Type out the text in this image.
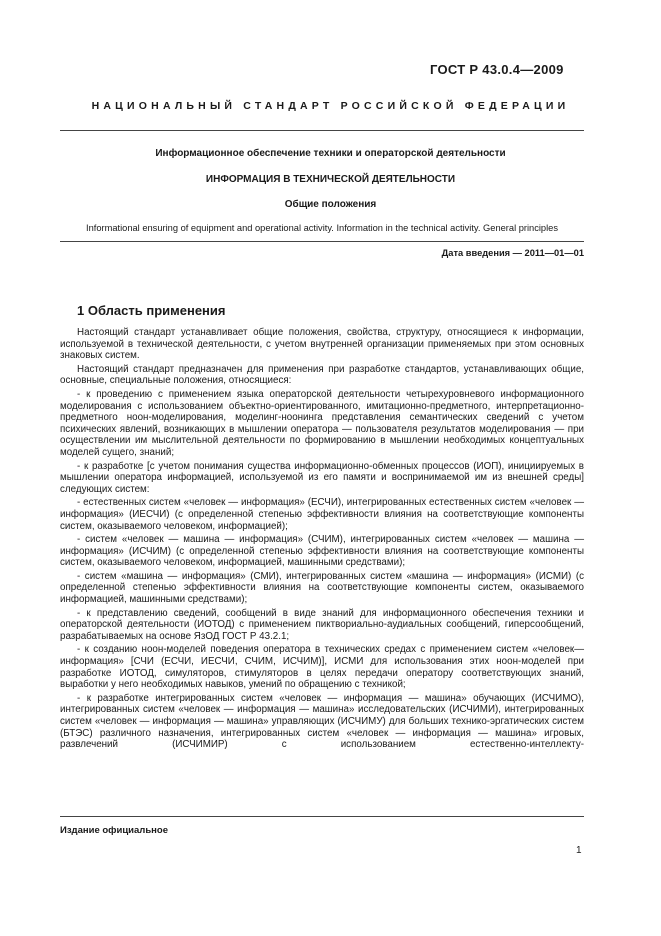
ГОСТ Р 43.0.4—2009
НАЦИОНАЛЬНЫЙ СТАНДАРТ РОССИЙСКОЙ ФЕДЕРАЦИИ
Информационное обеспечение техники и операторской деятельности
ИНФОРМАЦИЯ В ТЕХНИЧЕСКОЙ ДЕЯТЕЛЬНОСТИ
Общие положения
Informational ensuring of equipment and operational activity. Information in the technical activity. General principles
Дата введения — 2011—01—01
1 Область применения

Настоящий стандарт устанавливает общие положения, свойства, структуру, относящиеся к информации, используемой в технической деятельности, с учетом внутренней организации применяемых при этом основных знаковых систем.

Настоящий стандарт предназначен для применения при разработке стандартов, устанавливающих общие, основные, специальные положения, относящиеся:

- к проведению с применением языка операторской деятельности четырехуровневого информационного моделирования с использованием объектно-ориентированного, имитационно-предметного, интерпретационно-предметного ноон-моделирования, моделинг-ноонинга представления семантических сведений с учетом психических явлений, возникающих в мышлении оператора — пользователя результатов моделирования — при осуществлении им мыслительной деятельности по формированию в мышлении необходимых концептуальных моделей сущего, знаний;

- к разработке [с учетом понимания существа информационно-обменных процессов (ИОП), инициируемых в мышлении оператора информацией, используемой из его памяти и воспринимаемой им из внешней среды] следующих систем:

- естественных систем «человек — информация» (ЕСЧИ), интегрированных естественных систем «человек — информация» (ИЕСЧИ) (с определенной степенью эффективности влияния на соответствующие компоненты систем, оказываемого человеком, информацией);

- систем «человек — машина — информация» (СЧИМ), интегрированных систем «человек — машина — информация» (ИСЧИМ) (с определенной степенью эффективности влияния на соответствующие компоненты систем, оказываемого человеком, информацией, машинными средствами);

- систем «машина — информация» (СМИ), интегрированных систем «машина — информация» (ИСМИ) (с определенной степенью эффективности влияния на соответствующие компоненты систем, оказываемого информацией, машинными средствами);

- к представлению сведений, сообщений в виде знаний для информационного обеспечения техники и операторской деятельности (ИОТОД) с применением пиктвориально-аудиальных сообщений, гиперсообщений, разрабатываемых на основе ЯзОД ГОСТ Р 43.2.1;

- к созданию ноон-моделей поведения оператора в технических средах с применением систем «человек—информация» [СЧИ (ЕСЧИ, ИЕСЧИ, СЧИМ, ИСЧИМ)], ИСМИ для использования этих ноон-моделей при разработке ИОТОД, симуляторов, стимуляторов в целях передачи оператору соответствующих знаний, выработки у него необходимых навыков, умений по обращению с техникой;

- к разработке интегрированных систем «человек — информация — машина» обучающих (ИСЧИМО), интегрированных систем «человек — информация — машина» исследовательских (ИСЧИМИ), интегрированных систем «человек — информация — машина» управляющих (ИСЧИМУ) для больших технико-эргатических систем (БТЭС) различного назначения, интегрированных систем «человек — информация — машина» игровых, развлечений (ИСЧИМИР) с использованием естественно-интеллекту-

Издание официальное
1
